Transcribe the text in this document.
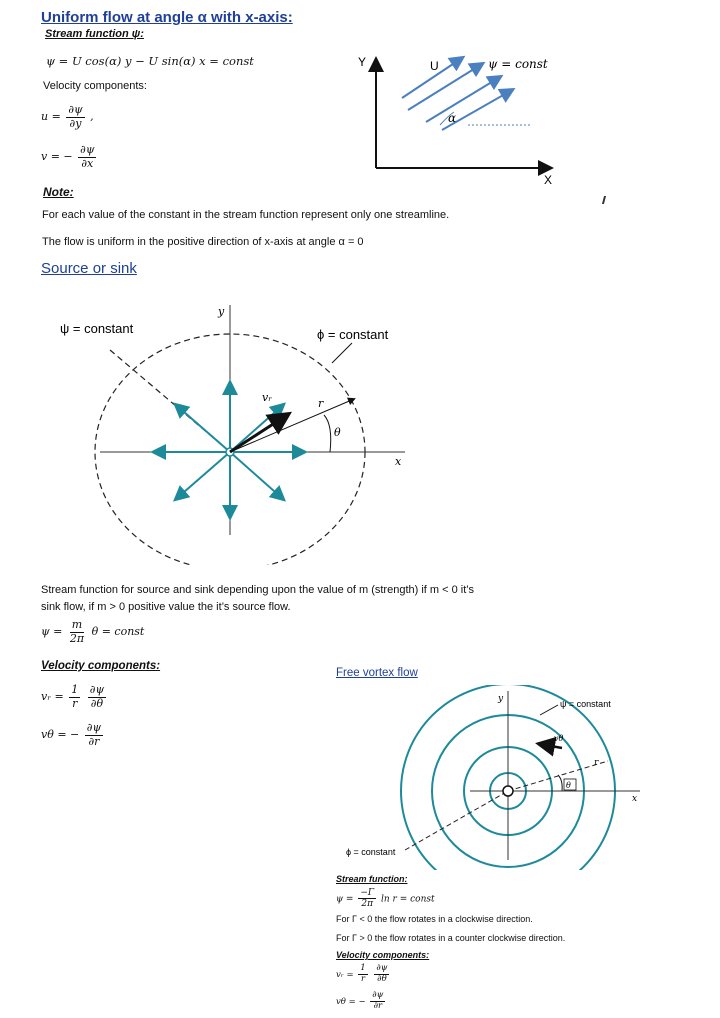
Uniform flow at angle α with x-axis:
Stream function ψ:
ψ = U cos(α) y − U sin(α) x = const
Velocity components:
$u = \frac{\partial\psi}{\partial y}$ ,
v = − $\frac{\partial\psi}{\partial x}$
Note:
For each value of the constant in the stream function represent only one streamline.
The flow is uniform in the positive direction of x-axis at angle α = 0
Y
X
U	ψ = const
α
Source or sink
ψ = constant	ϕ = constant
y
x
r
vᵣ
θ
Stream function for source and sink depending upon the value of m (strength) if m < 0 it’s
sink flow, if m > 0 positive value the it’s source flow.
$\psi = \frac{m}{2\pi}$ θ = const
Velocity components:
vᵣ = $\frac{1}{r}$
$\frac{\partial\psi}{\partial\theta}$
vθ = − $\frac{\partial\psi}{\partial r}$
Free vortex flow
ψ = constant
ϕ = constant
y
x
r
vθ
θ
Stream function:
$\psi = \frac{-\Gamma}{2\pi}$ ln r = const
For Γ < 0 the flow rotates in a clockwise direction.
For Γ > 0 the flow rotates in a counter clockwise direction.
Velocity components:
vᵣ = $\frac{1}{r}$
$\frac{\partial\psi}{\partial\theta}$
vθ = − $\frac{\partial\psi}{\partial r}$
